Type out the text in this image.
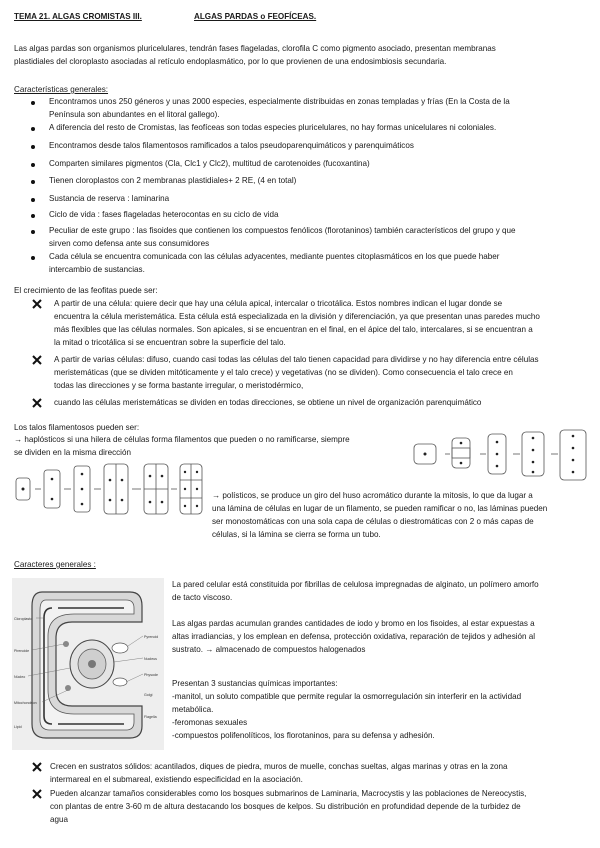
TEMA 21. ALGAS CROMISTAS III.	ALGAS PARDAS o FEOFÍCEAS.
Las algas pardas son organismos pluricelulares, tendrán fases flageladas, clorofila C como pigmento asociado, presentan membranas
plastidiales del cloroplasto asociadas al retículo endoplasmático, por lo que provienen de una endosimbiosis secundaria.
Características generales:
Encontramos unos 250 géneros y unas 2000 especies, especialmente distribuidas en zonas templadas y frías (En la Costa de la
Península son abundantes en el litoral gallego).
A diferencia del resto de Cromistas, las feofíceas son todas especies pluricelulares, no hay formas unicelulares ni coloniales.
Encontramos desde talos filamentosos ramificados a talos pseudoparenquimáticos y parenquimáticos
Comparten similares pigmentos (Cla, Clc1 y Clc2), multitud de carotenoides (fucoxantina)
Tienen cloroplastos con 2 membranas plastidiales+ 2 RE, (4 en total)
Sustancia de reserva : laminarina
Ciclo de vida : fases flageladas heterocontas en su ciclo de vida
Peculiar de este grupo : las fisoides que contienen los compuestos fenólicos (florotaninos) también característicos del grupo y que
sirven como defensa ante sus consumidores
Cada célula se encuentra comunicada con las células adyacentes, mediante puentes citoplasmáticos en los que puede haber
intercambio de sustancias.
El crecimiento de las feofitas puede ser:
A partir de una célula: quiere decir que hay una célula apical, intercalar o tricotálica. Estos nombres indican el lugar donde se
encuentra la célula meristemática. Esta célula está especializada en la división y diferenciación, ya que presentan unas paredes mucho
más flexibles que las células normales. Son apicales, si se encuentran en el final, en el ápice del talo, intercalares, si se encuentran a
la mitad o tricotálica si se encuentran sobre la superficie del talo.
A partir de varias células: difuso, cuando casi todas las células del talo tienen capacidad para dividirse y no hay diferencia entre células
meristemáticas (que se dividen mitóticamente y el talo crece) y vegetativas (no se dividen). Como consecuencia el talo crece en
todas las direcciones y se forma bastante irregular, o meristodérmico,
cuando las células meristemáticas se dividen en todas direcciones, se obtiene un nivel de organización parenquimático
Los talos filamentosos pueden ser:
→ haplósticos si una hilera de células forma filamentos que pueden o no ramificarse, siempre
se dividen en la misma dirección
→ polísticos, se produce un giro del huso acromático durante la mitosis, lo que da lugar a
una lámina de células en lugar de un filamento, se pueden ramificar o no, las láminas pueden
ser monostomáticas con una sola capa de células o diestromáticas con 2 o más capas de
células, si la lámina se cierra se forma un tubo.
Caracteres generales :
Cloroplasto
Pirenoide
Pyrenoid
Nucleus
Núcleo	Physode
Mitochondrion
Golgi
Lipid
Flagella
La pared celular está constituida por fibrillas de celulosa impregnadas de alginato, un polímero amorfo
de tacto viscoso.
Las algas pardas acumulan grandes cantidades de iodo y bromo en los fisoides, al estar expuestas a
altas irradiancias, y los emplean en defensa, protección oxidativa, reparación de tejidos y adhesión al
sustrato. → almacenado de compuestos halogenados
Presentan 3 sustancias químicas importantes:
-manitol, un soluto compatible que permite regular la osmorregulación sin interferir en la actividad
metabólica.
-feromonas sexuales
-compuestos polifenolíticos, los florotaninos, para su defensa y adhesión.
Crecen en sustratos sólidos: acantilados, diques de piedra, muros de muelle, conchas sueltas, algas marinas y otras en la zona
intermareal en el submareal, existiendo especificidad en la asociación.
Pueden alcanzar tamaños considerables como los bosques submarinos de Laminaria, Macrocystis y las poblaciones de Nereocystis,
con plantas de entre 3-60 m de altura destacando los bosques de kelpos. Su distribución en profundidad depende de la turbidez de
agua
